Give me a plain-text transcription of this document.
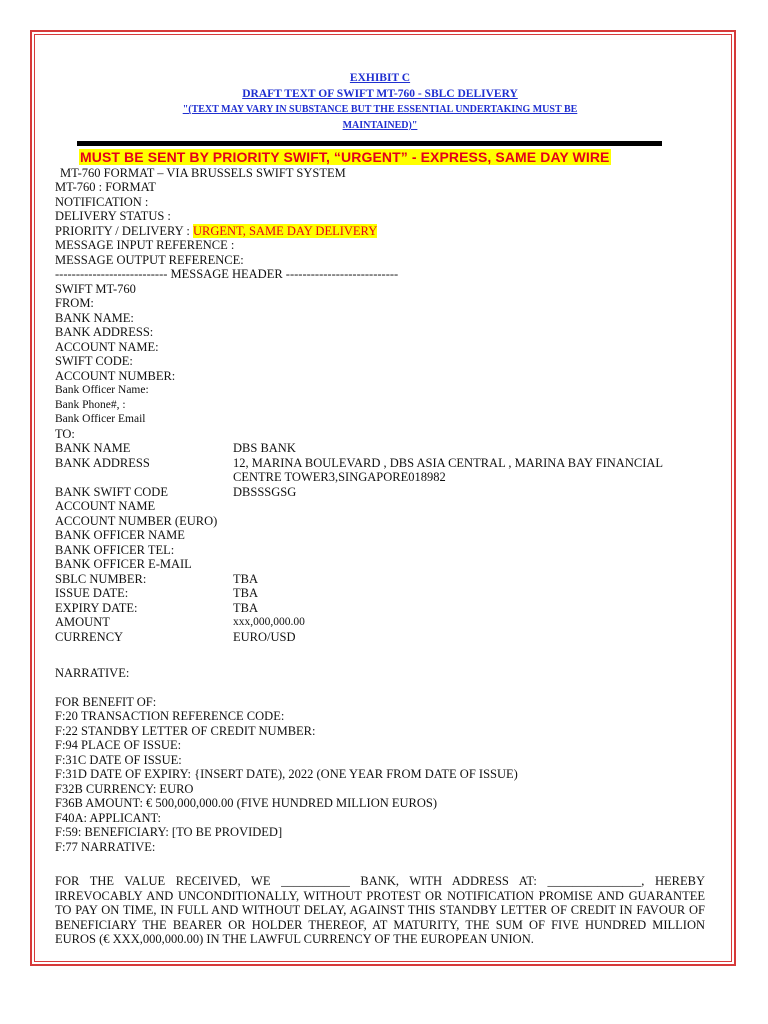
EXHIBIT C
DRAFT TEXT OF SWIFT MT-760 - SBLC DELIVERY
"(TEXT MAY VARY IN SUBSTANCE BUT THE ESSENTIAL UNDERTAKING MUST BE
MAINTAINED)"
MUST BE SENT BY PRIORITY SWIFT, “URGENT” - EXPRESS, SAME DAY WIRE
MT-760 FORMAT – VIA BRUSSELS SWIFT SYSTEM
MT-760 : FORMAT
NOTIFICATION :
DELIVERY STATUS :
PRIORITY / DELIVERY : URGENT, SAME DAY DELIVERY
MESSAGE INPUT REFERENCE :
MESSAGE OUTPUT REFERENCE:
--------------------------- MESSAGE HEADER ---------------------------
SWIFT MT-760
FROM:
BANK NAME:
BANK ADDRESS:
ACCOUNT NAME:
SWIFT CODE:
ACCOUNT NUMBER:
Bank Officer Name:
Bank Phone#, :
Bank Officer Email
TO:
BANK NAME	DBS BANK
BANK ADDRESS	12, MARINA BOULEVARD , DBS ASIA CENTRAL , MARINA BAY FINANCIAL CENTRE TOWER3,SINGAPORE018982
BANK SWIFT CODE	DBSSSGSG
ACCOUNT NAME
ACCOUNT NUMBER (EURO)
BANK OFFICER NAME
BANK OFFICER TEL:
BANK OFFICER E-MAIL
SBLC NUMBER:	TBA
ISSUE DATE:	TBA
EXPIRY DATE:	TBA
AMOUNT	xxx,000,000.00
CURRENCY	EURO/USD
NARRATIVE:
FOR BENEFIT OF:
F:20 TRANSACTION REFERENCE CODE:
F:22 STANDBY LETTER OF CREDIT NUMBER:
F:94 PLACE OF ISSUE:
F:31C DATE OF ISSUE:
F:31D DATE OF EXPIRY: {INSERT DATE), 2022 (ONE YEAR FROM DATE OF ISSUE)
F32B CURRENCY: EURO
F36B AMOUNT: € 500,000,000.00 (FIVE HUNDRED MILLION EUROS)
F40A: APPLICANT:
F:59: BENEFICIARY: [TO BE PROVIDED]
F:77 NARRATIVE:
FOR THE VALUE RECEIVED, WE ___________ BANK, WITH ADDRESS AT: _______________, HEREBY IRREVOCABLY AND UNCONDITIONALLY, WITHOUT PROTEST OR NOTIFICATION PROMISE AND GUARANTEE TO PAY ON TIME, IN FULL AND WITHOUT DELAY, AGAINST THIS STANDBY LETTER OF CREDIT IN FAVOUR OF BENEFICIARY THE BEARER OR HOLDER THEREOF, AT MATURITY, THE SUM OF FIVE HUNDRED MILLION EUROS (€ XXX,000,000.00) IN THE LAWFUL CURRENCY OF THE EUROPEAN UNION.
